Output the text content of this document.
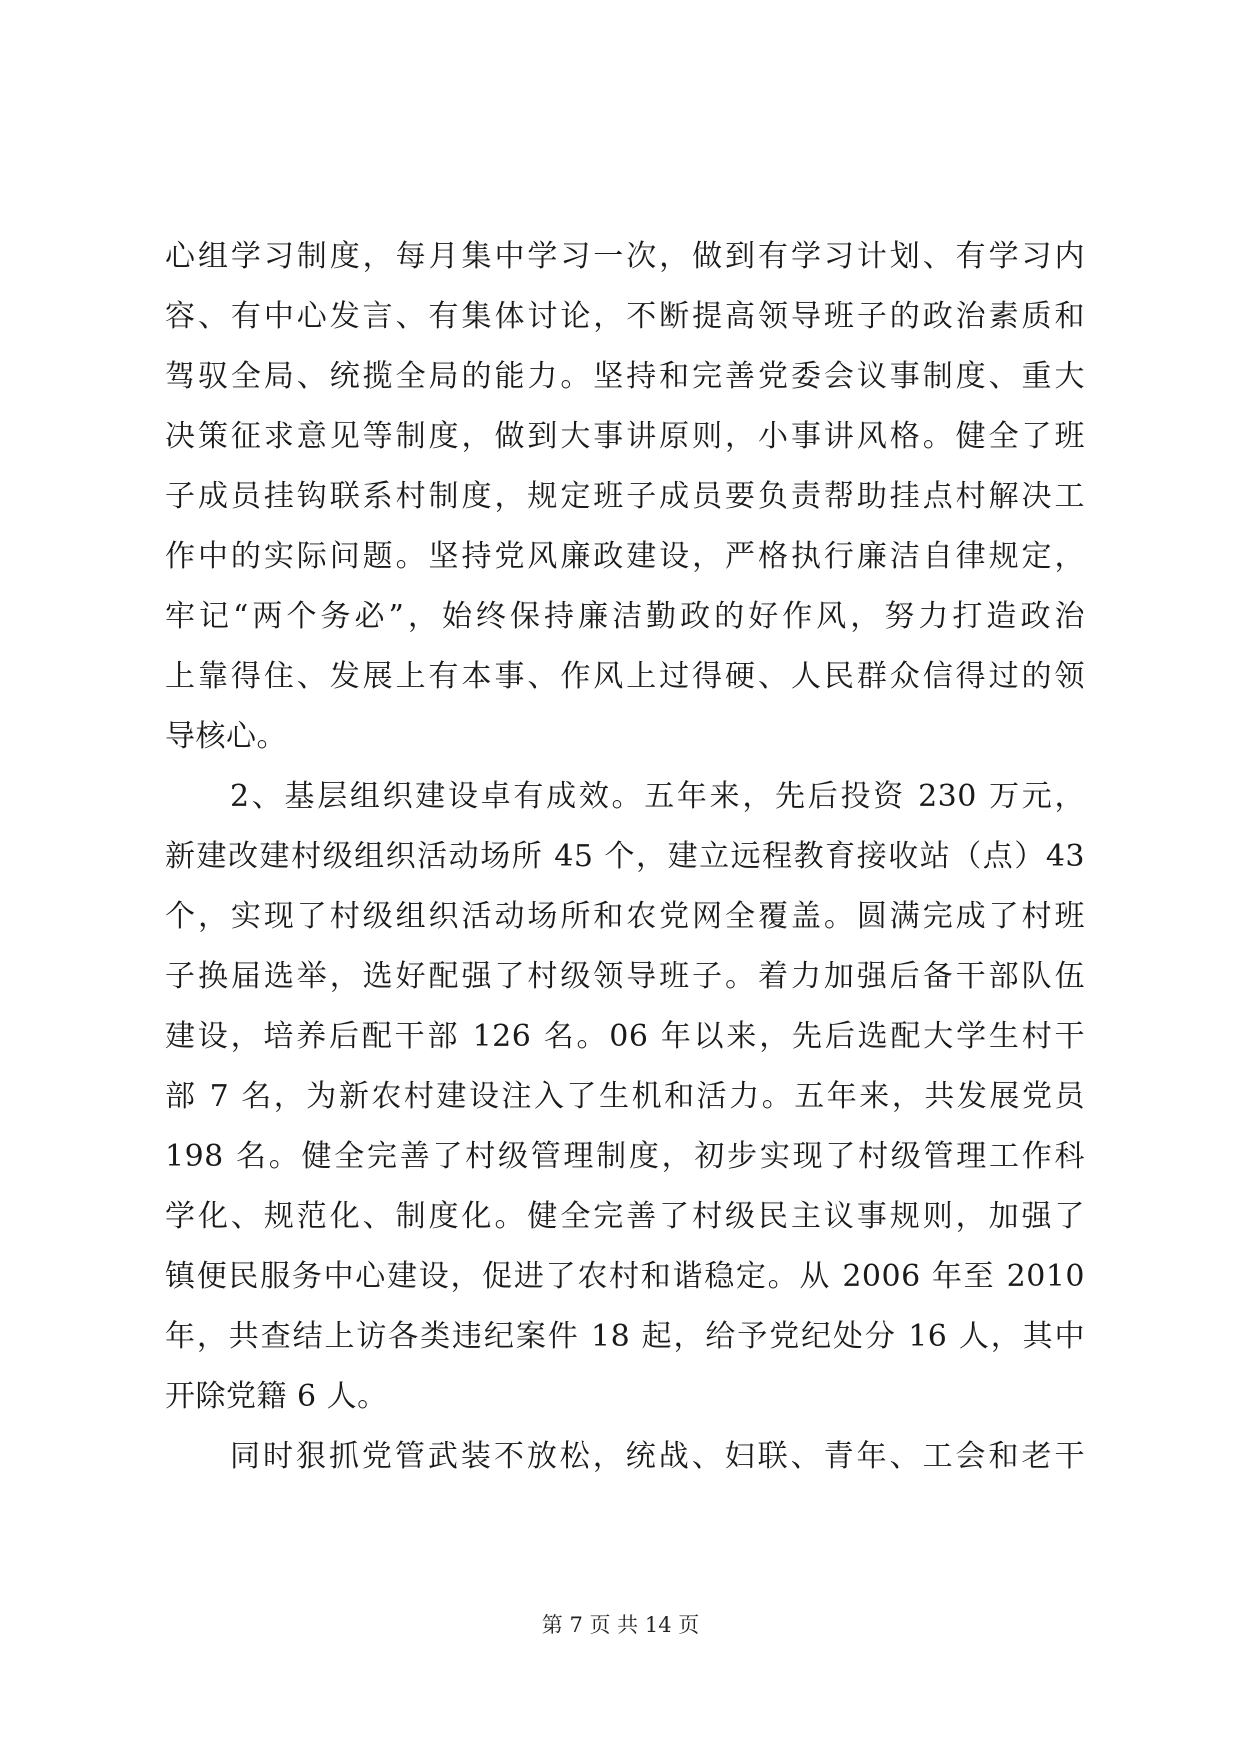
心组学习制度，每月集中学习一次，做到有学习计划、有学习内
容、有中心发言、有集体讨论，不断提高领导班子的政治素质和
驾驭全局、统揽全局的能力。坚持和完善党委会议事制度、重大
决策征求意见等制度，做到大事讲原则，小事讲风格。健全了班
子成员挂钩联系村制度，规定班子成员要负责帮助挂点村解决工
作中的实际问题。坚持党风廉政建设，严格执行廉洁自律规定，
牢记“两个务必”，始终保持廉洁勤政的好作风，努力打造政治
上靠得住、发展上有本事、作风上过得硬、人民群众信得过的领
导核心。
2、基层组织建设卓有成效。五年来，先后投资 230 万元，
新建改建村级组织活动场所 45 个，建立远程教育接收站（点）43
个，实现了村级组织活动场所和农党网全覆盖。圆满完成了村班
子换届选举，选好配强了村级领导班子。着力加强后备干部队伍
建设，培养后配干部 126 名。06 年以来，先后选配大学生村干
部 7 名，为新农村建设注入了生机和活力。五年来，共发展党员
198 名。健全完善了村级管理制度，初步实现了村级管理工作科
学化、规范化、制度化。健全完善了村级民主议事规则，加强了
镇便民服务中心建设，促进了农村和谐稳定。从 2006 年至 2010
年，共查结上访各类违纪案件 18 起，给予党纪处分 16 人，其中
开除党籍 6 人。
同时狠抓党管武装不放松，统战、妇联、青年、工会和老干
第 7 页 共 14 页
